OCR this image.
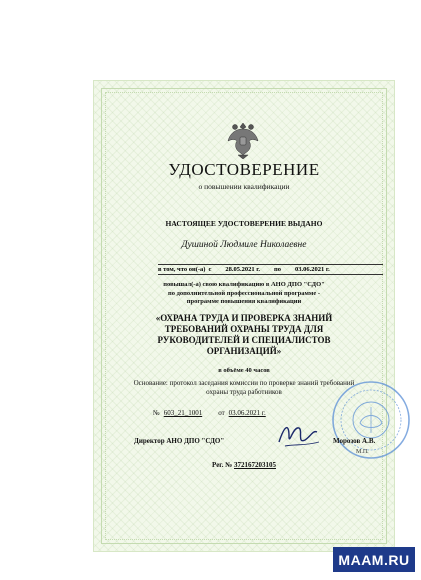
УДОСТОВЕРЕНИЕ
о повышении квалификации
НАСТОЯЩЕЕ УДОСТОВЕРЕНИЕ ВЫДАНО
Душиной Людмиле Николаевне
в том, что он(-а) с 28.05.2021 г. по 03.06.2021 г.
повышал(-а) свою квалификацию в АНО ДПО "СДО"
по дополнительной профессиональной программе -
программе повышения квалификации
«ОХРАНА ТРУДА И ПРОВЕРКА ЗНАНИЙ
ТРЕБОВАНИЙ ОХРАНЫ ТРУДА ДЛЯ
РУКОВОДИТЕЛЕЙ И СПЕЦИАЛИСТОВ
ОРГАНИЗАЦИЙ»
в объёме 40 часов
Основание: протокол заседания комиссии по проверке знаний требований
охраны труда работников
№ 603_21_1001 от 03.06.2021 г.
Директор АНО ДПО "СДО"	Морозов А.В.
М.П.
Рег. № 372167203105
MAAM.RU
